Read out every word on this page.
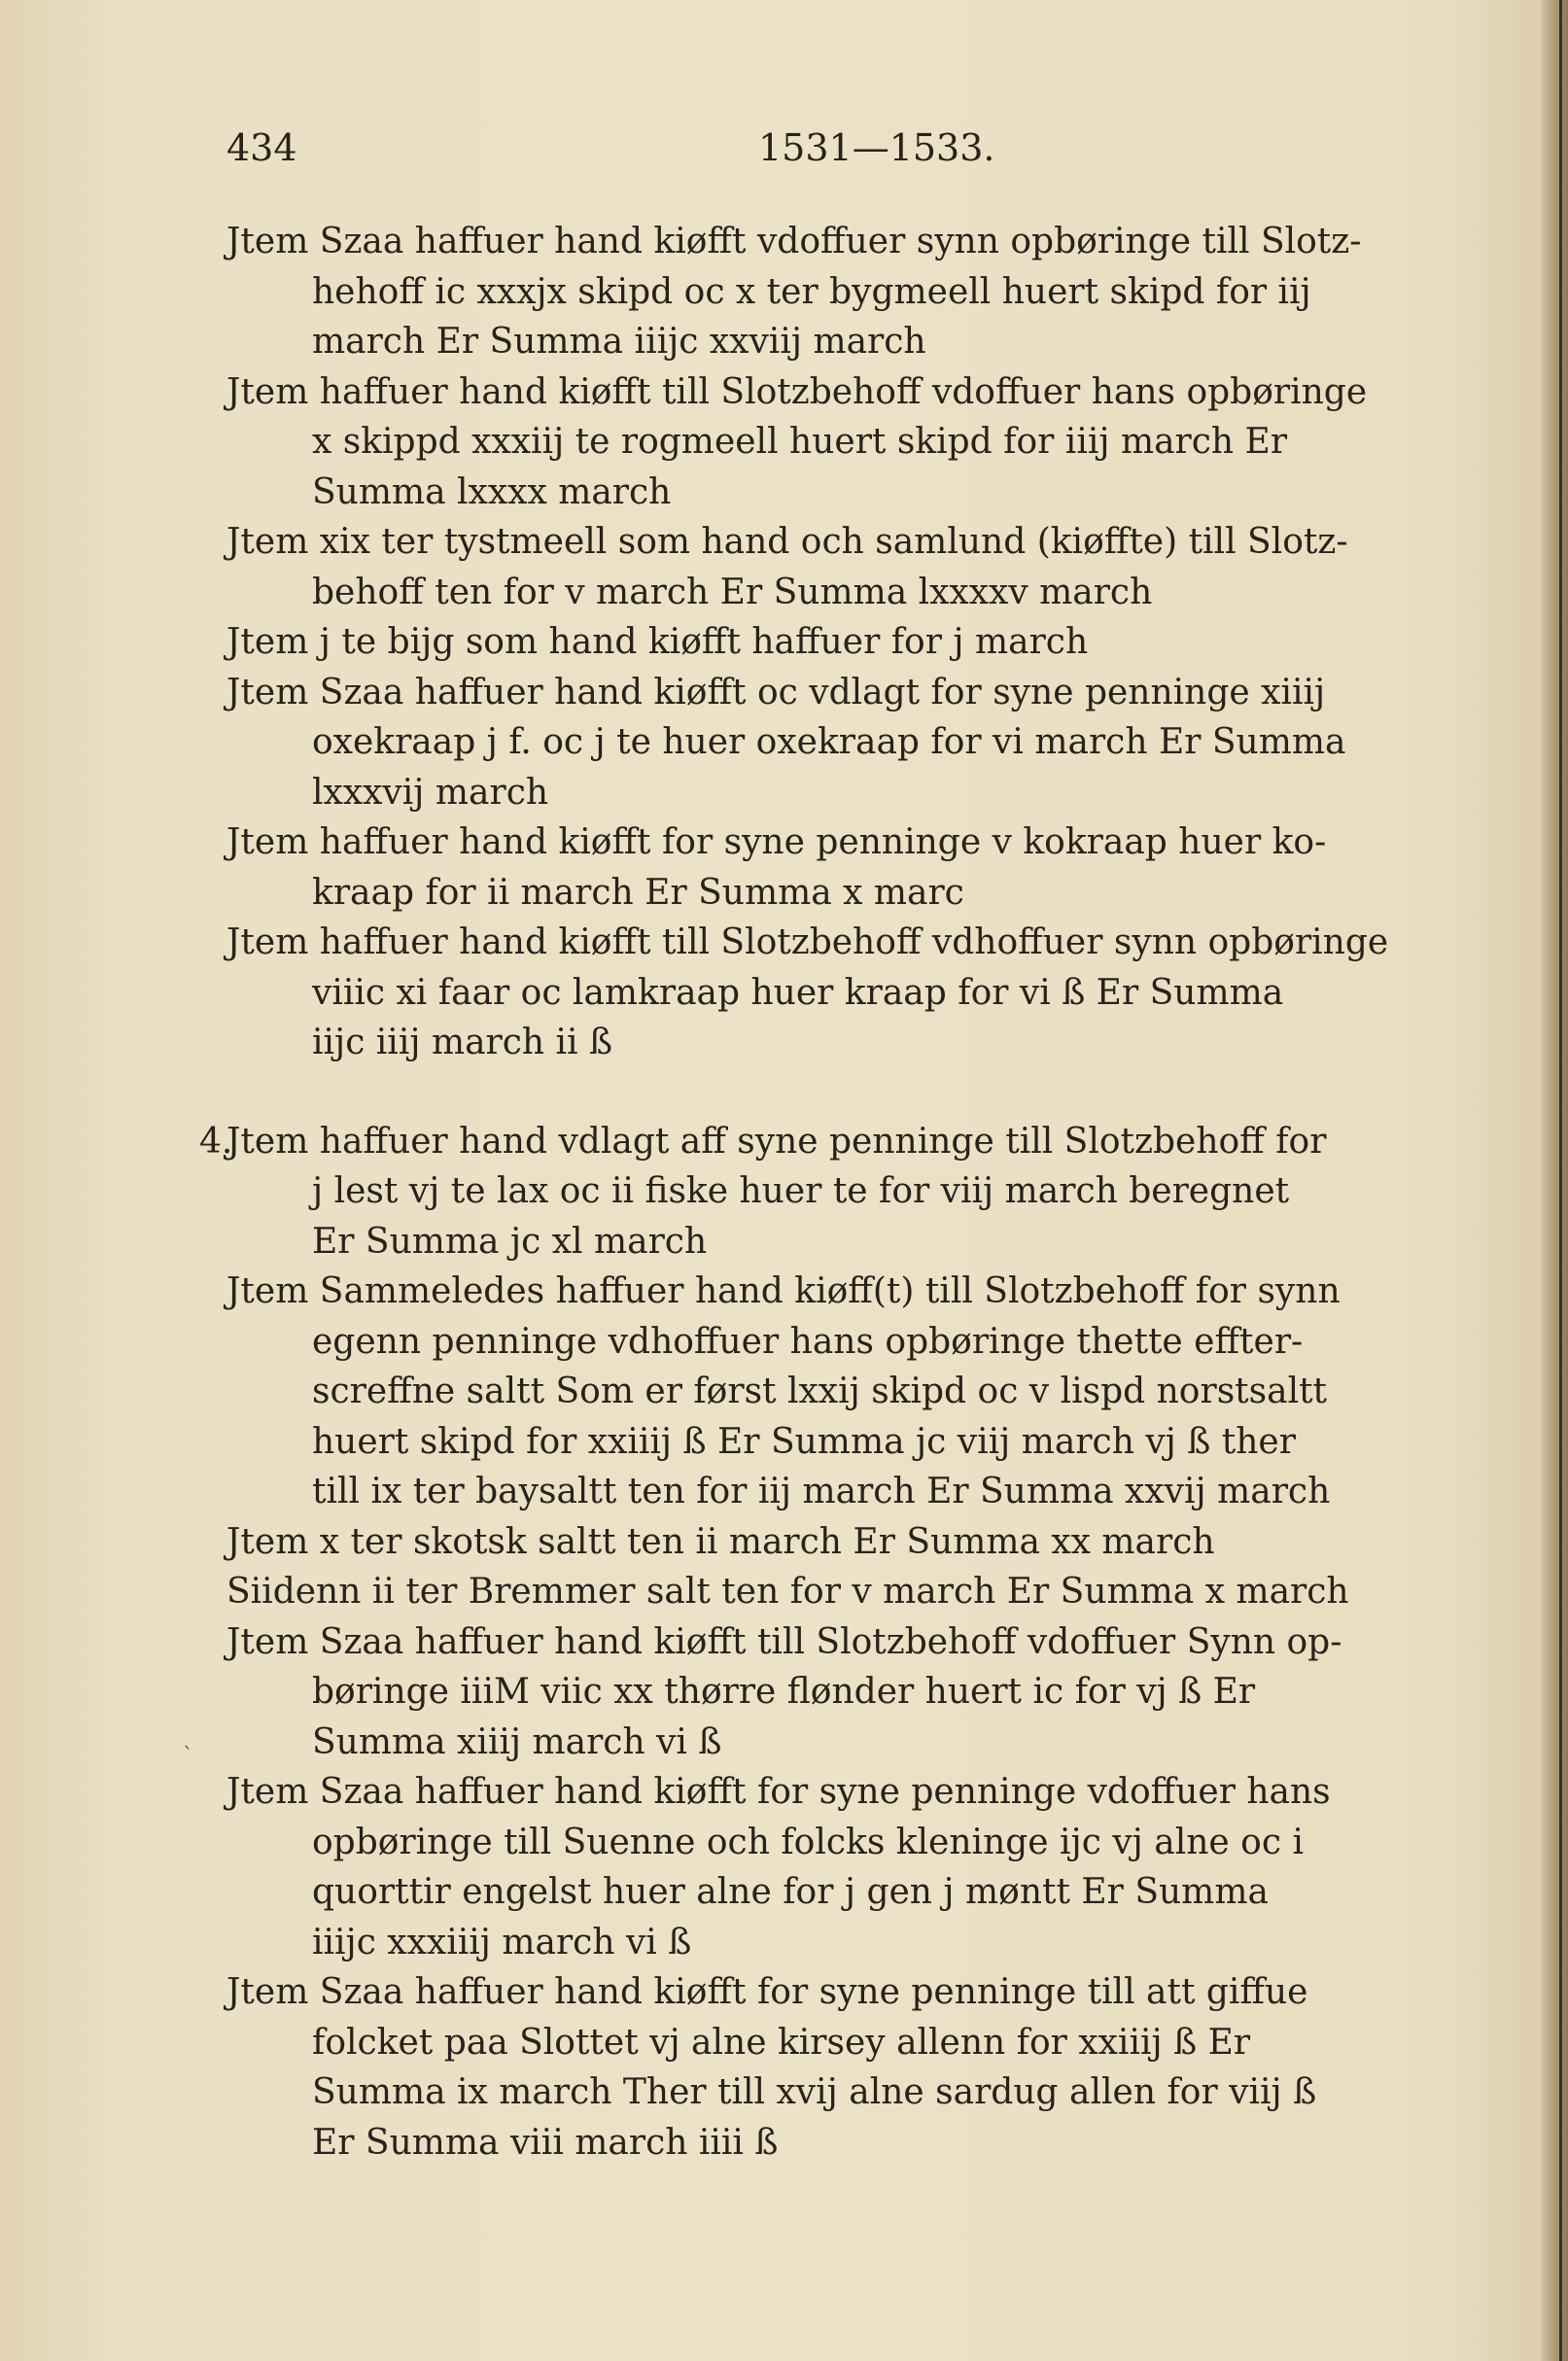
434	1531—1533.
Jtem Szaa haffuer hand kiøfft vdoffuer synn opbøringe till Slotz-
hehoff ic xxxjx skipd oc x ter bygmeell huert skipd for iij
march Er Summa iiijc xxviij march
Jtem haffuer hand kiøfft till Slotzbehoff vdoffuer hans opbøringe
x skippd xxxiij te rogmeell huert skipd for iiij march Er
Summa lxxxx march
Jtem xix ter tystmeell som hand och samlund (kiøffte) till Slotz-
behoff ten for v march Er Summa lxxxxv march
Jtem j te bijg som hand kiøfft haffuer for j march
Jtem Szaa haffuer hand kiøfft oc vdlagt for syne penninge xiiij
oxekraap j f. oc j te huer oxekraap for vi march Er Summa
lxxxvij march
Jtem haffuer hand kiøfft for syne penninge v kokraap huer ko-
kraap for ii march Er Summa x marc
Jtem haffuer hand kiøfft till Slotzbehoff vdhoffuer synn opbøringe
viiic xi faar oc lamkraap huer kraap for vi ß Er Summa
iijc iiij march ii ß
4.
Jtem haffuer hand vdlagt aff syne penninge till Slotzbehoff for
j lest vj te lax oc ii fiske huer te for viij march beregnet
Er Summa jc xl march
Jtem Sammeledes haffuer hand kiøff(t) till Slotzbehoff for synn
egenn penninge vdhoffuer hans opbøringe thette effter-
screffne saltt Som er først lxxij skipd oc v lispd norstsaltt
huert skipd for xxiiij ß Er Summa jc viij march vj ß ther
till ix ter baysaltt ten for iij march Er Summa xxvij march
Jtem x ter skotsk saltt ten ii march Er Summa xx march
Siidenn ii ter Bremmer salt ten for v march Er Summa x march
Jtem Szaa haffuer hand kiøfft till Slotzbehoff vdoffuer Synn op-
børinge iiiM viic xx thørre flønder huert ic for vj ß Er
Summa xiiij march vi ß
Jtem Szaa haffuer hand kiøfft for syne penninge vdoffuer hans
opbøringe till Suenne och folcks kleninge ijc vj alne oc i
quorttir engelst huer alne for j gen j møntt Er Summa
iiijc xxxiiij march vi ß
Jtem Szaa haffuer hand kiøfft for syne penninge till att giffue
folcket paa Slottet vj alne kirsey allenn for xxiiij ß Er
Summa ix march Ther till xvij alne sardug allen for viij ß
Er Summa viii march iiii ß
ˋ
